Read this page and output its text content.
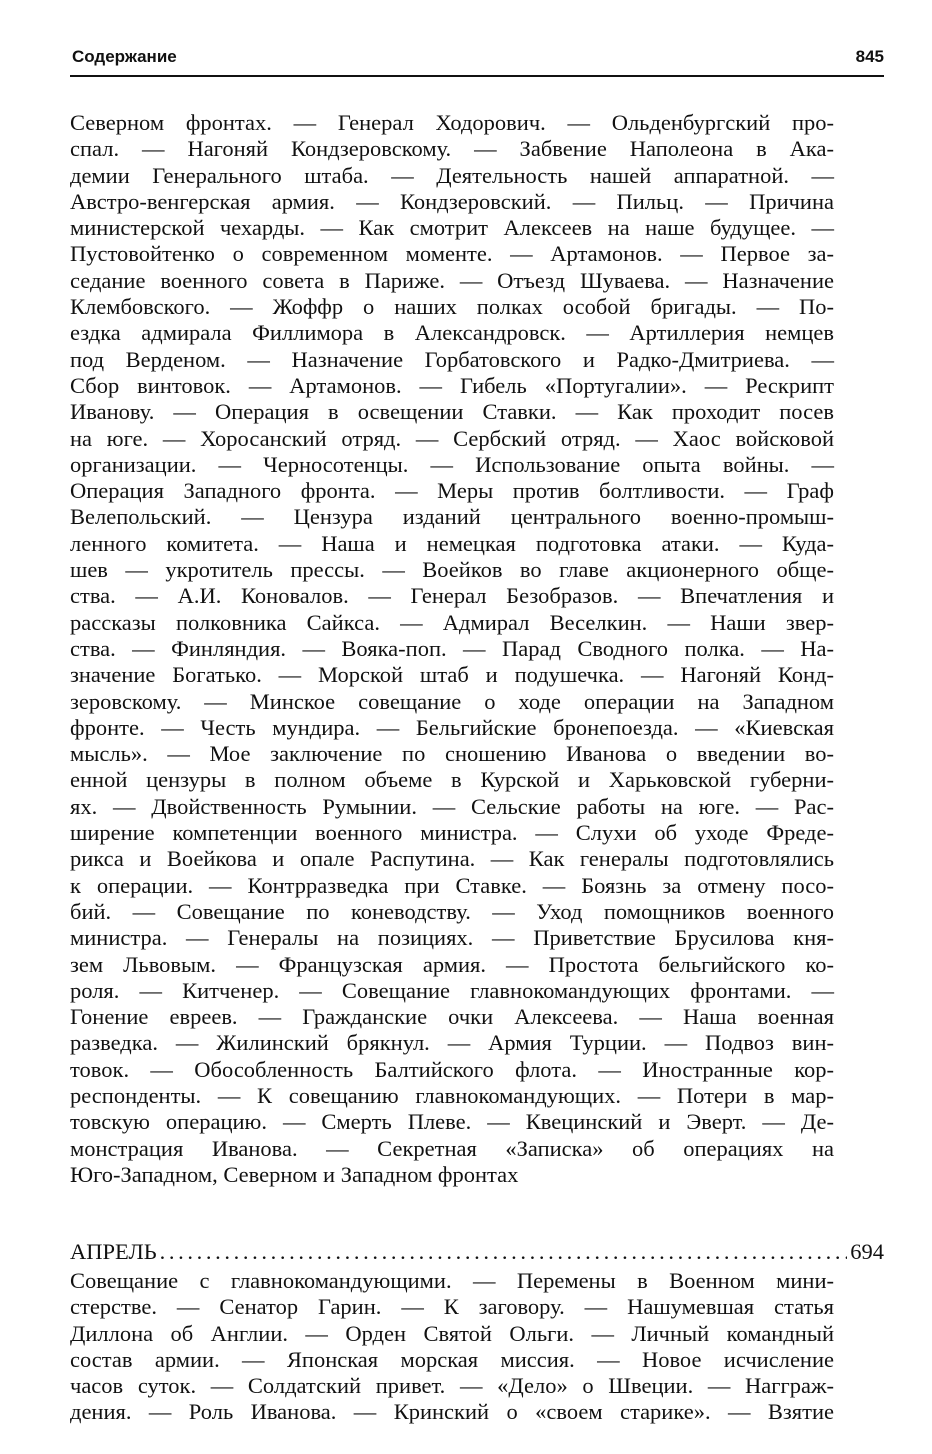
Содержание	845
Северном фронтах. — Генерал Ходорович. — Ольденбургский про-
спал. — Нагоняй Кондзеровскому. — Забвение Наполеона в Ака-
демии Генерального штаба. — Деятельность нашей аппаратной. —
Австро-венгерская армия. — Кондзеровский. — Пильц. — Причина
министерской чехарды. — Как смотрит Алексеев на наше будущее. —
Пустовойтенко о современном моменте. — Артамонов. — Первое за-
седание военного совета в Париже. — Отъезд Шуваева. — Назначение
Клембовского. — Жоффр о наших полках особой бригады. — По-
ездка адмирала Филлимора в Александровск. — Артиллерия немцев
под Верденом. — Назначение Горбатовского и Радко-Дмитриева. —
Сбор винтовок. — Артамонов. — Гибель «Португалии». — Рескрипт
Иванову. — Операция в освещении Ставки. — Как проходит посев
на юге. — Хоросанский отряд. — Сербский отряд. — Хаос войсковой
организации. — Черносотенцы. — Использование опыта войны. —
Операция Западного фронта. — Меры против болтливости. — Граф
Велепольский. — Цензура изданий центрального военно-промыш-
ленного комитета. — Наша и немецкая подготовка атаки. — Куда-
шев — укротитель прессы. — Воейков во главе акционерного обще-
ства. — А.И. Коновалов. — Генерал Безобразов. — Впечатления и
рассказы полковника Сайкса. — Адмирал Веселкин. — Наши звер-
ства. — Финляндия. — Вояка-поп. — Парад Сводного полка. — На-
значение Богатько. — Морской штаб и подушечка. — Нагоняй Конд-
зеровскому. — Минское совещание о ходе операции на Западном
фронте. — Честь мундира. — Бельгийские бронепоезда. — «Киевская
мысль». — Мое заключение по сношению Иванова о введении во-
енной цензуры в полном объеме в Курской и Харьковской губерни-
ях. — Двойственность Румынии. — Сельские работы на юге. — Рас-
ширение компетенции военного министра. — Слухи об уходе Фреде-
рикса и Воейкова и опале Распутина. — Как генералы подготовлялись
к операции. — Контрразведка при Ставке. — Боязнь за отмену посо-
бий. — Совещание по коневодству. — Уход помощников военного
министра. — Генералы на позициях. — Приветствие Брусилова кня-
зем Львовым. — Французская армия. — Простота бельгийского ко-
роля. — Китченер. — Совещание главнокомандующих фронтами. —
Гонение евреев. — Гражданские очки Алексеева. — Наша военная
разведка. — Жилинский брякнул. — Армия Турции. — Подвоз вин-
товок. — Обособленность Балтийского флота. — Иностранные кор-
респонденты. — К совещанию главнокомандующих. — Потери в мар-
товскую операцию. — Смерть Плеве. — Квецинский и Эверт. — Де-
монстрация Иванова. — Секретная «Записка» об операциях на
Юго-Западном, Северном и Западном фронтах
АПРЕЛЬ . . .	694
Совещание с главнокомандующими. — Перемены в Военном мини-
стерстве. — Сенатор Гарин. — К заговору. — Нашумевшая статья
Диллона об Англии. — Орден Святой Ольги. — Личный командный
состав армии. — Японская морская миссия. — Новое исчисление
часов суток. — Солдатский привет. — «Дело» о Швеции. — Нагграж-
дения. — Роль Иванова. — Кринский о «своем старике». — Взятие
